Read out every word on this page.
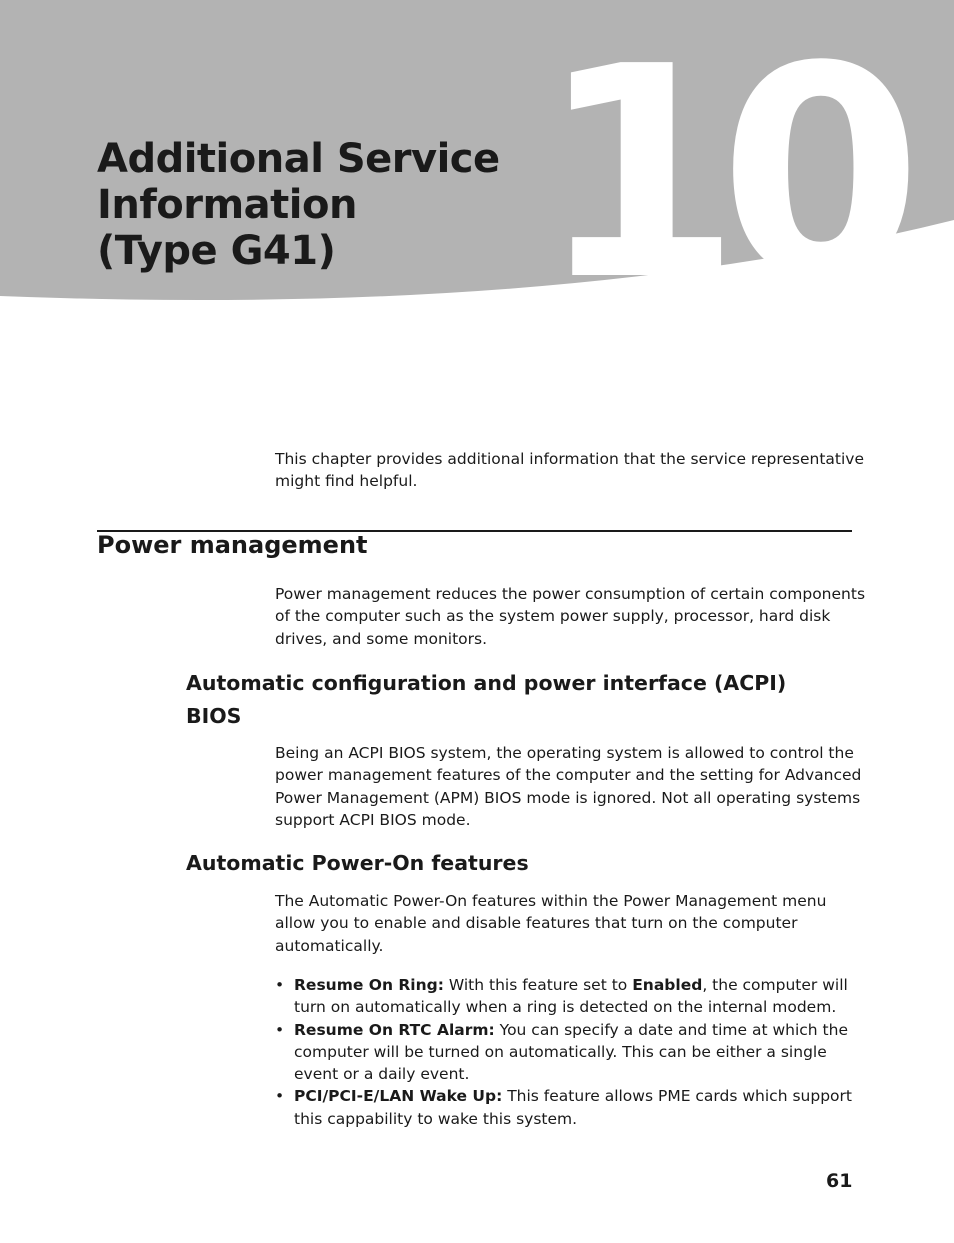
10
Additional Service
Information
(Type G41)

This chapter provides additional information that the service representative might find helpful.

Power management

Power management reduces the power consumption of certain components of the computer such as the system power supply, processor, hard disk drives, and some monitors.

Automatic configuration and power interface (ACPI) BIOS

Being an ACPI BIOS system, the operating system is allowed to control the power management features of the computer and the setting for Advanced Power Management (APM) BIOS mode is ignored. Not all operating systems support ACPI BIOS mode.

Automatic Power-On features

The Automatic Power-On features within the Power Management menu allow you to enable and disable features that turn on the computer automatically.

• Resume On Ring: With this feature set to Enabled, the computer will turn on automatically when a ring is detected on the internal modem.
• Resume On RTC Alarm: You can specify a date and time at which the computer will be turned on automatically. This can be either a single event or a daily event.
• PCI/PCI-E/LAN Wake Up: This feature allows PME cards which support this cappability to wake this system.
61
